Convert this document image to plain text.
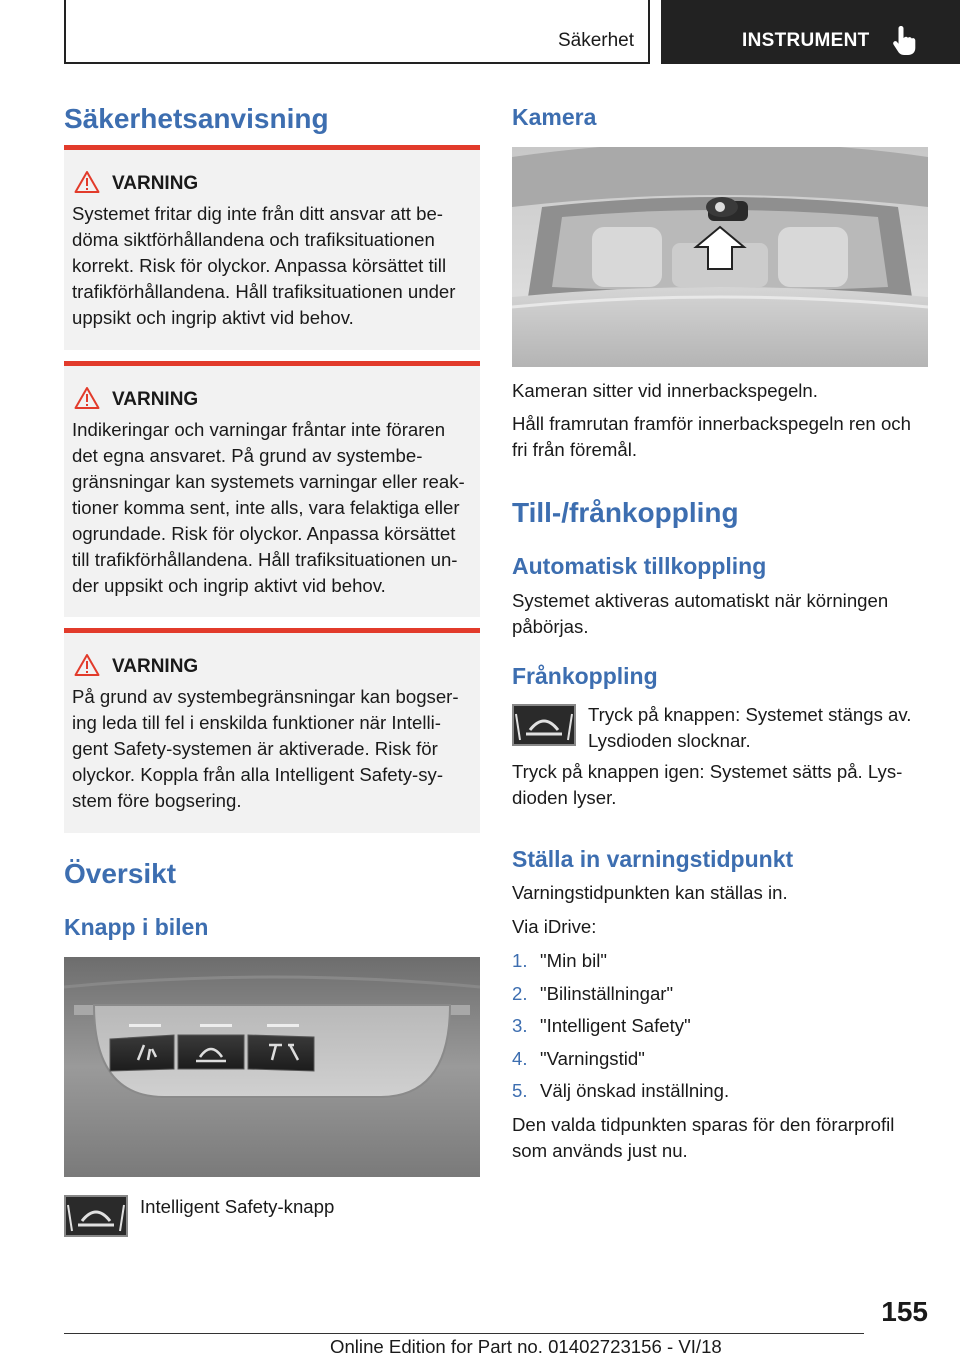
Säkerhet	INSTRUMENT
Säkerhetsanvisning
VARNING
Systemet fritar dig inte från ditt ansvar att be-
döma siktförhållandena och trafiksituationen
korrekt. Risk för olyckor. Anpassa körsättet till
trafikförhållandena. Håll trafiksituationen under
uppsikt och ingrip aktivt vid behov.
VARNING
Indikeringar och varningar fråntar inte föraren
det egna ansvaret. På grund av systembe-
gränsningar kan systemets varningar eller reak-
tioner komma sent, inte alls, vara felaktiga eller
ogrundade. Risk för olyckor. Anpassa körsättet
till trafikförhållandena. Håll trafiksituationen un-
der uppsikt och ingrip aktivt vid behov.
VARNING
På grund av systembegränsningar kan bogser-
ing leda till fel i enskilda funktioner när Intelli-
gent Safety-systemen är aktiverade. Risk för
olyckor. Koppla från alla Intelligent Safety-sy-
stem före bogsering.
Översikt
Knapp i bilen
Intelligent Safety-knapp
Kamera
Kameran sitter vid innerbackspegeln.
Håll framrutan framför innerbackspegeln ren och
fri från föremål.
Till-/frånkoppling
Automatisk tillkoppling
Systemet aktiveras automatiskt när körningen
påbörjas.
Frånkoppling
Tryck på knappen: Systemet stängs av.
Lysdioden slocknar.
Tryck på knappen igen: Systemet sätts på. Lys-
dioden lyser.
Ställa in varningstidpunkt
Varningstidpunkten kan ställas in.
Via iDrive:
1. "Min bil"
2. "Bilinställningar"
3. "Intelligent Safety"
4. "Varningstid"
5. Välj önskad inställning.
Den valda tidpunkten sparas för den förarprofil
som används just nu.
155
Online Edition for Part no. 01402723156 - VI/18
